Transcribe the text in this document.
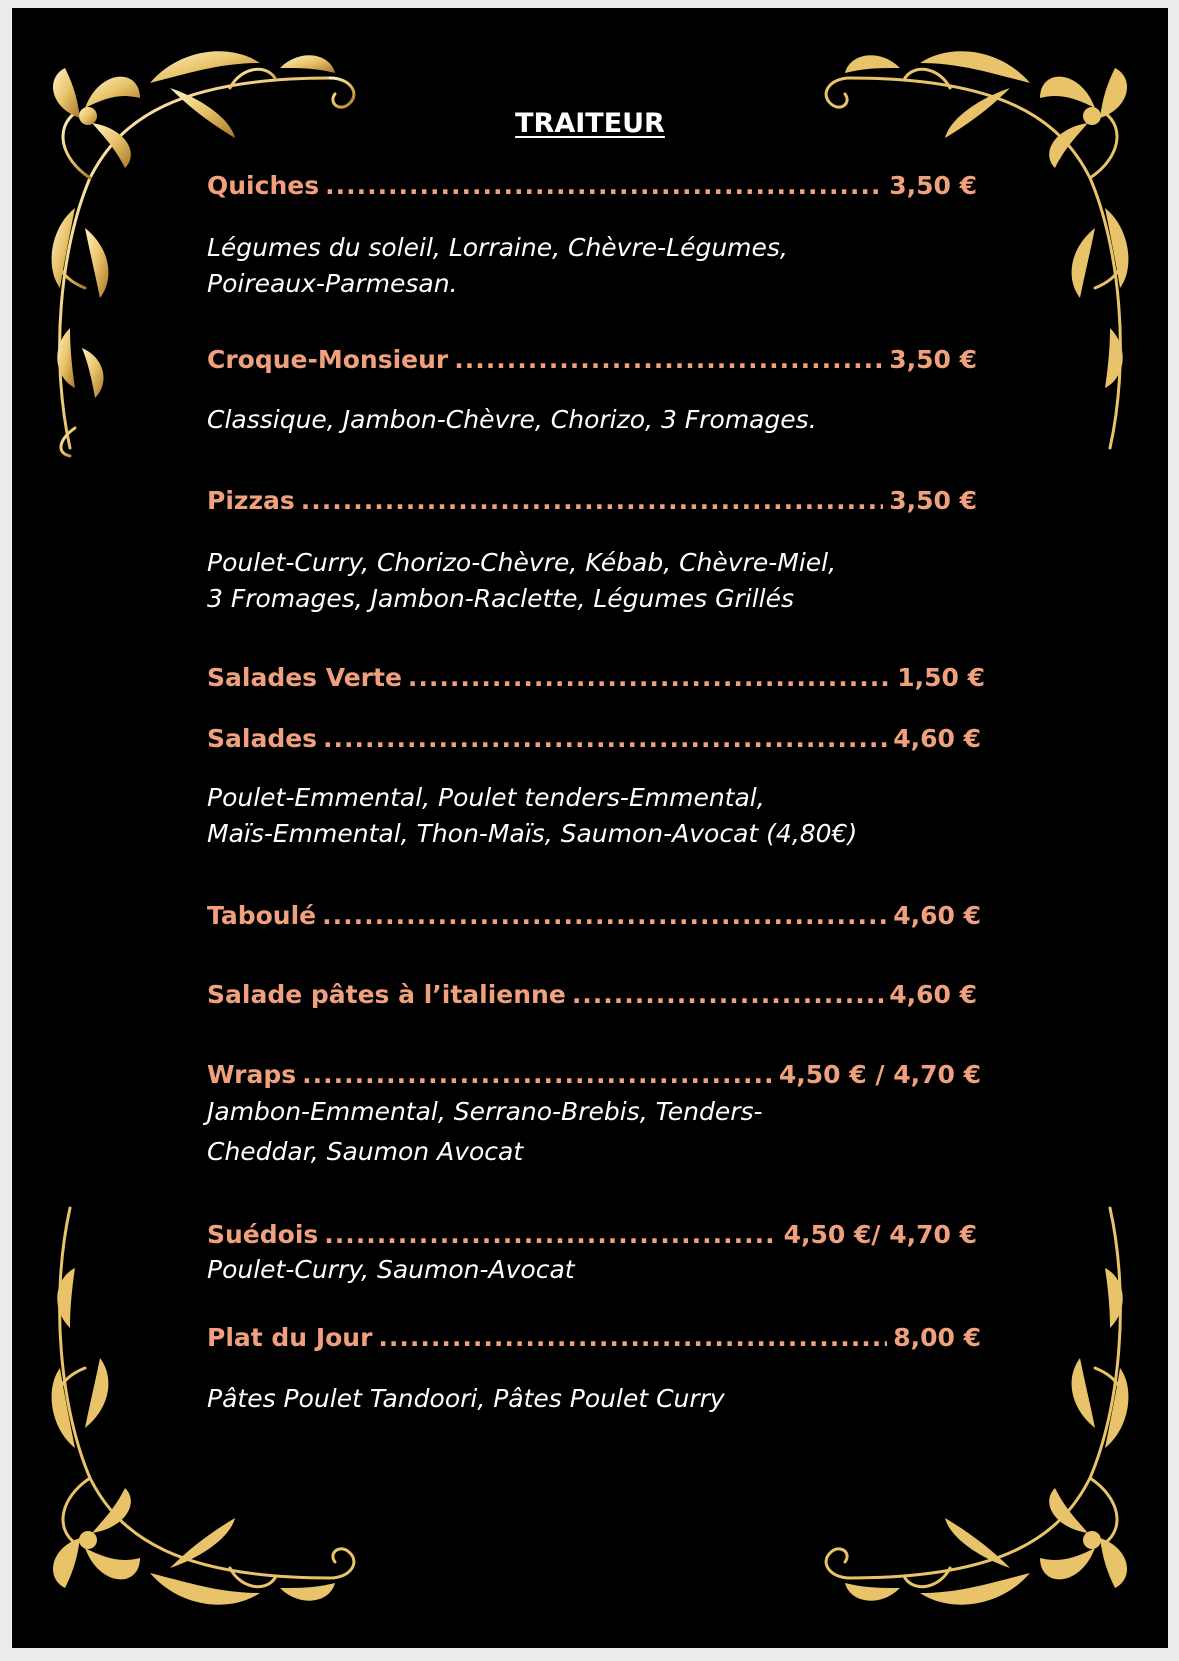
TRAITEUR
Quiches .....	3,50 €
Légumes du soleil, Lorraine, Chèvre-Légumes,
Poireaux-Parmesan.
Croque-Monsieur .....	3,50 €
Classique, Jambon-Chèvre, Chorizo, 3 Fromages.
Pizzas .....	3,50 €
Poulet-Curry, Chorizo-Chèvre, Kébab, Chèvre-Miel,
3 Fromages, Jambon-Raclette, Légumes Grillés
Salades Verte .....	1,50 €
Salades .....	4,60 €
Poulet-Emmental, Poulet tenders-Emmental,
Maïs-Emmental, Thon-Maïs, Saumon-Avocat (4,80€)
Taboulé .....	4,60 €
Salade pâtes à l’italienne .....	4,60 €
Wraps .....	4,50 € / 4,70 €
Jambon-Emmental, Serrano-Brebis, Tenders-
Cheddar, Saumon Avocat
Suédois .....	4,50 €/ 4,70 €
Poulet-Curry, Saumon-Avocat
Plat du Jour .....	8,00 €
Pâtes Poulet Tandoori, Pâtes Poulet Curry
